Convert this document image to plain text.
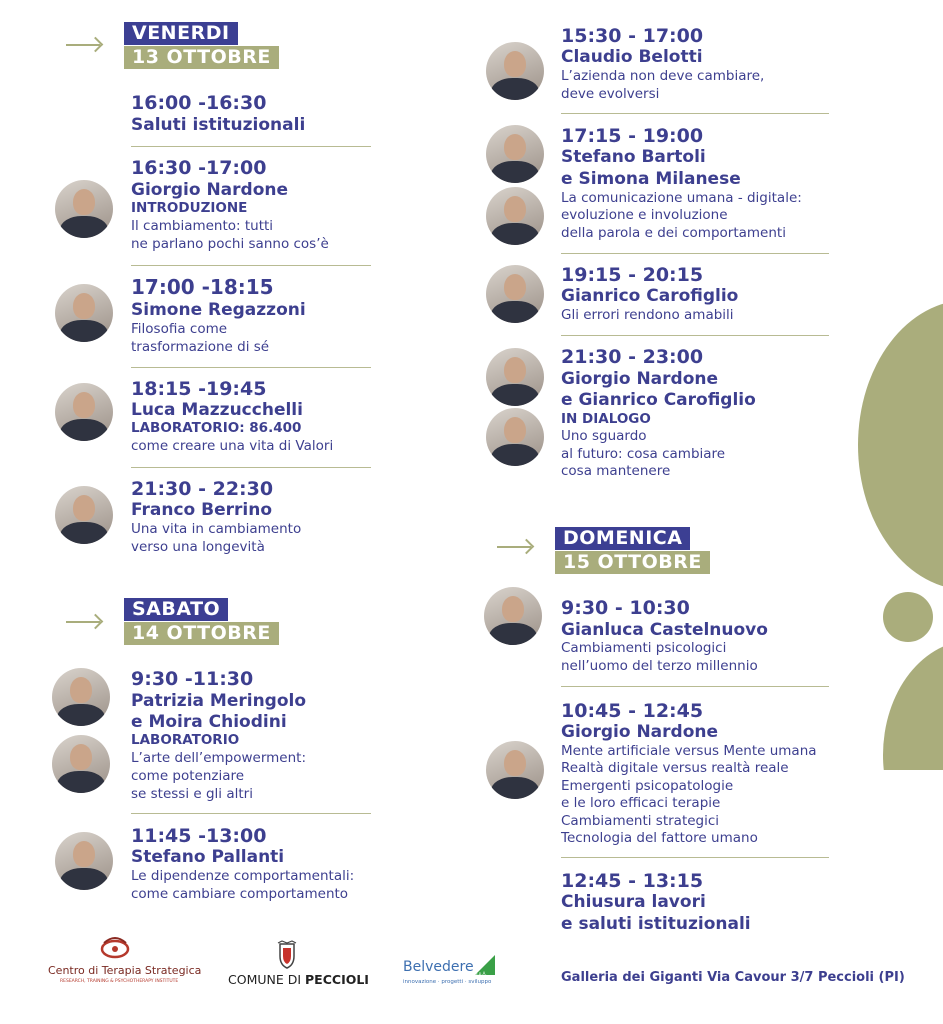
VENERDI
13 OTTOBRE
16:00 -16:30
Saluti istituzionali
16:30 -17:00
Giorgio Nardone
INTRODUZIONE
Il cambiamento: tutti
ne parlano pochi sanno cos’è
17:00 -18:15
Simone Regazzoni
Filosofia come
trasformazione di sé
18:15 -19:45
Luca Mazzucchelli
LABORATORIO: 86.400
come creare una vita di Valori
21:30 - 22:30
Franco Berrino
Una vita in cambiamento
verso una longevità
SABATO
14 OTTOBRE
9:30 -11:30
Patrizia Meringolo
e Moira Chiodini
LABORATORIO
L’arte dell’empowerment:
come potenziare
se stessi e gli altri
11:45 -13:00
Stefano Pallanti
Le dipendenze comportamentali:
come cambiare comportamento
15:30 - 17:00
Claudio Belotti
L’azienda non deve cambiare,
deve evolversi
17:15 - 19:00
Stefano Bartoli
e Simona Milanese
La comunicazione umana - digitale:
evoluzione e involuzione
della parola e dei comportamenti
19:15 - 20:15
Gianrico Carofiglio
Gli errori rendono amabili
21:30 - 23:00
Giorgio Nardone
e Gianrico Carofiglio
IN DIALOGO
Uno sguardo
al futuro: cosa cambiare
cosa mantenere
DOMENICA
15 OTTOBRE
9:30 - 10:30
Gianluca Castelnuovo
Cambiamenti psicologici
nell’uomo del terzo millennio
10:45 - 12:45
Giorgio Nardone
Mente artificiale versus Mente umana
Realtà digitale versus realtà reale
Emergenti psicopatologie
e le loro efficaci terapie
Cambiamenti strategici
Tecnologia del fattore umano
12:45 - 13:15
Chiusura lavori
e saluti istituzionali
Centro di Terapia Strategica
RESEARCH, TRAINING & PSYCHOTHERAPY INSTITUTE	COMUNE DI PECCIOLI
Belvedere S.p.A.
innovazione · progetti · sviluppo	Galleria dei Giganti Via Cavour 3/7 Peccioli (PI)
